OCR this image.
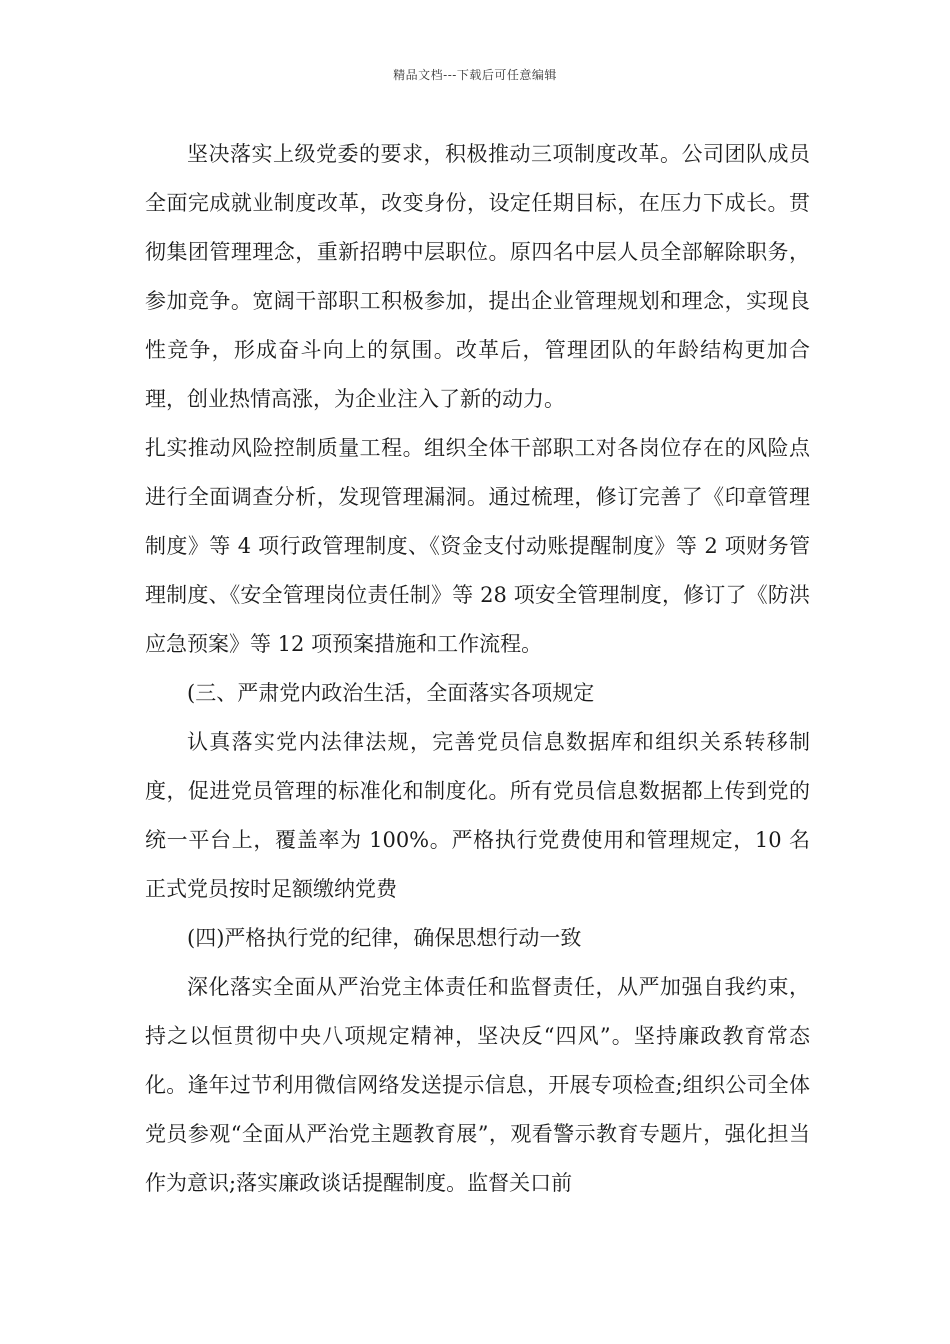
精品文档---下载后可任意编辑

坚决落实上级党委的要求，积极推动三项制度改革。公司团队成员全面完成就业制度改革，改变身份，设定任期目标，在压力下成长。贯彻集团管理理念，重新招聘中层职位。原四名中层人员全部解除职务，参加竞争。宽阔干部职工积极参加，提出企业管理规划和理念，实现良性竞争，形成奋斗向上的氛围。改革后，管理团队的年龄结构更加合理，创业热情高涨，为企业注入了新的动力。

扎实推动风险控制质量工程。组织全体干部职工对各岗位存在的风险点进行全面调查分析，发现管理漏洞。通过梳理，修订完善了《印章管理制度》等 4 项行政管理制度、《资金支付动账提醒制度》等 2 项财务管理制度、《安全管理岗位责任制》等 28 项安全管理制度，修订了《防洪应急预案》等 12 项预案措施和工作流程。

(三、严肃党内政治生活，全面落实各项规定

认真落实党内法律法规，完善党员信息数据库和组织关系转移制度，促进党员管理的标准化和制度化。所有党员信息数据都上传到党的统一平台上，覆盖率为 100%。严格执行党费使用和管理规定，10 名正式党员按时足额缴纳党费

(四)严格执行党的纪律，确保思想行动一致

深化落实全面从严治党主体责任和监督责任，从严加强自我约束，持之以恒贯彻中央八项规定精神，坚决反“四风”。坚持廉政教育常态化。逢年过节利用微信网络发送提示信息，开展专项检查;组织公司全体党员参观“全面从严治党主题教育展”，观看警示教育专题片，强化担当作为意识;落实廉政谈话提醒制度。监督关口前
